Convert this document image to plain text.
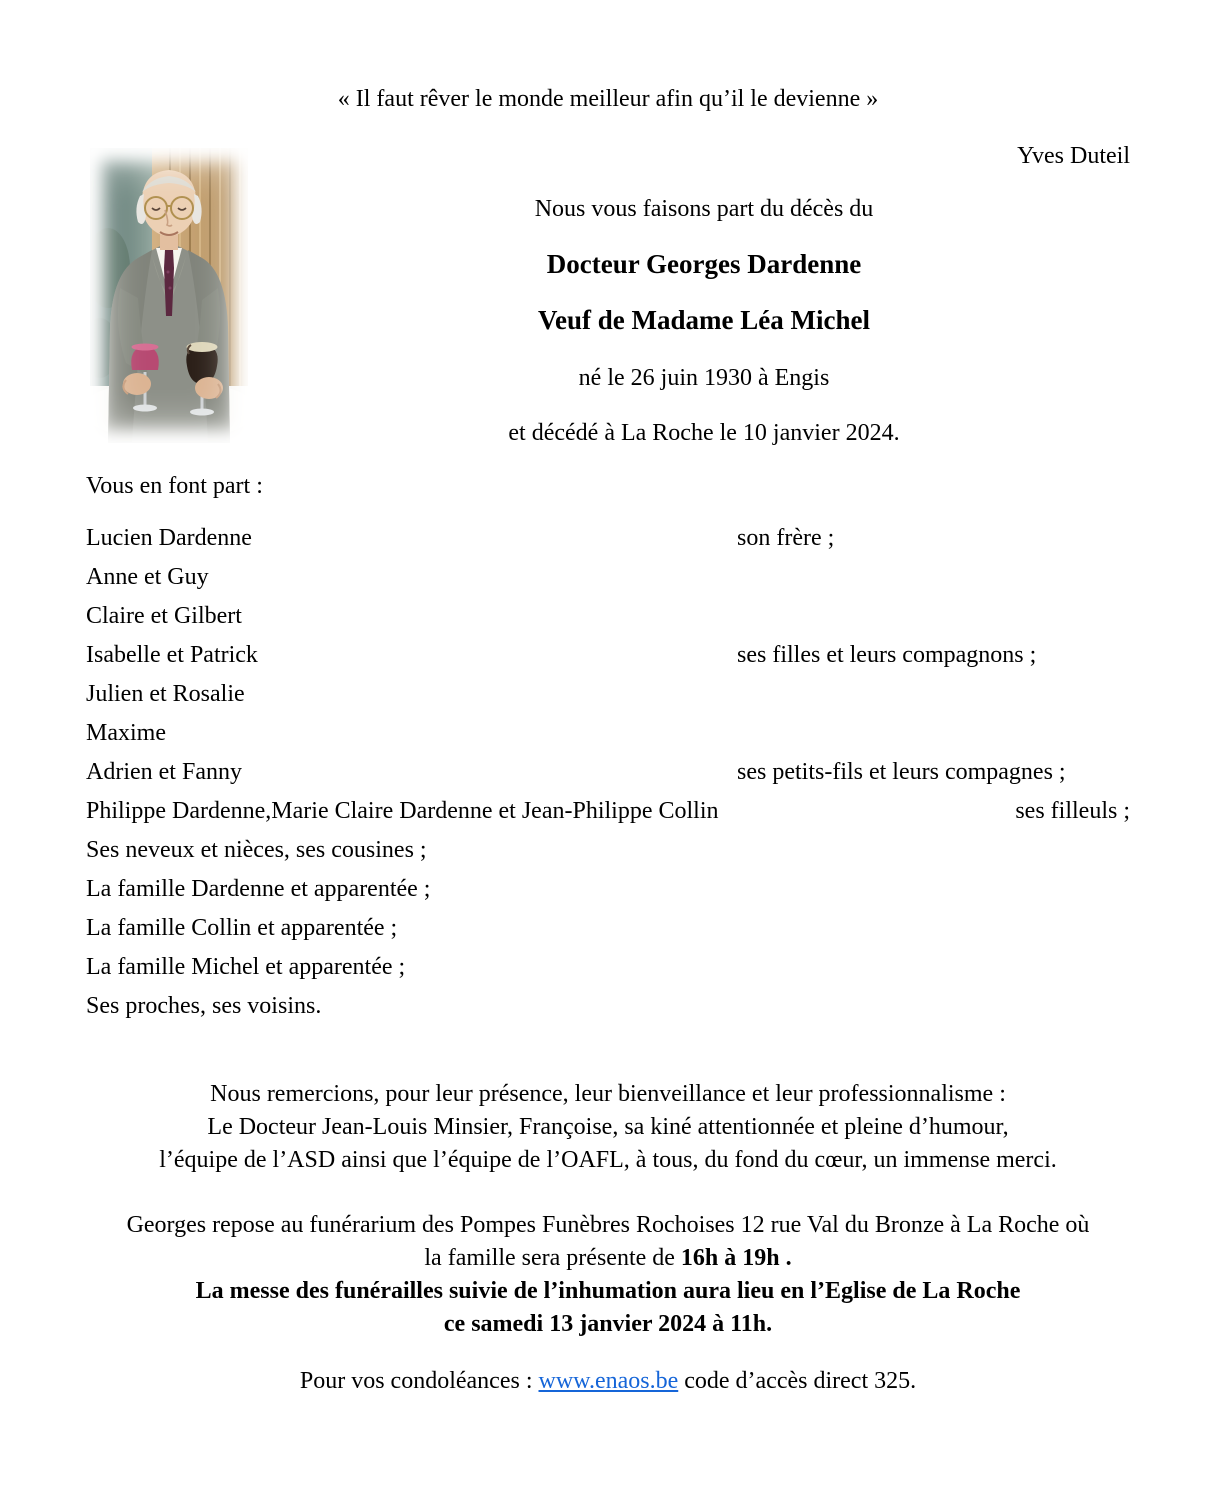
« Il faut rêver le monde meilleur afin qu’il le devienne »
Yves Duteil
Nous vous faisons part du décès du
Docteur Georges Dardenne
Veuf de Madame Léa Michel
né le 26 juin 1930 à Engis
et décédé à La Roche le 10 janvier 2024.
Vous en font part :
Lucien Dardenne	son frère ;
Anne et Guy
Claire et Gilbert
Isabelle et Patrick	ses filles et leurs compagnons ;
Julien et Rosalie
Maxime
Adrien et Fanny	ses petits-fils et leurs compagnes ;
Philippe Dardenne,Marie Claire Dardenne et Jean-Philippe Collin	ses filleuls ;
Ses neveux et nièces, ses cousines ;
La famille Dardenne et apparentée ;
La famille Collin et apparentée ;
La famille Michel et apparentée ;
Ses proches, ses voisins.
Nous remercions, pour leur présence, leur bienveillance et leur professionnalisme :
Le Docteur Jean-Louis Minsier, Françoise, sa kiné attentionnée et pleine d’humour,
l’équipe de l’ASD ainsi que l’équipe de l’OAFL, à tous, du fond du cœur, un immense merci.
Georges repose au funérarium des Pompes Funèbres Rochoises 12 rue Val du Bronze à La Roche où
la famille sera présente de 16h à 19h .
La messe des funérailles suivie de l’inhumation aura lieu en l’Eglise de La Roche
ce samedi 13 janvier 2024 à 11h.
Pour vos condoléances : www.enaos.be code d’accès direct 325.
